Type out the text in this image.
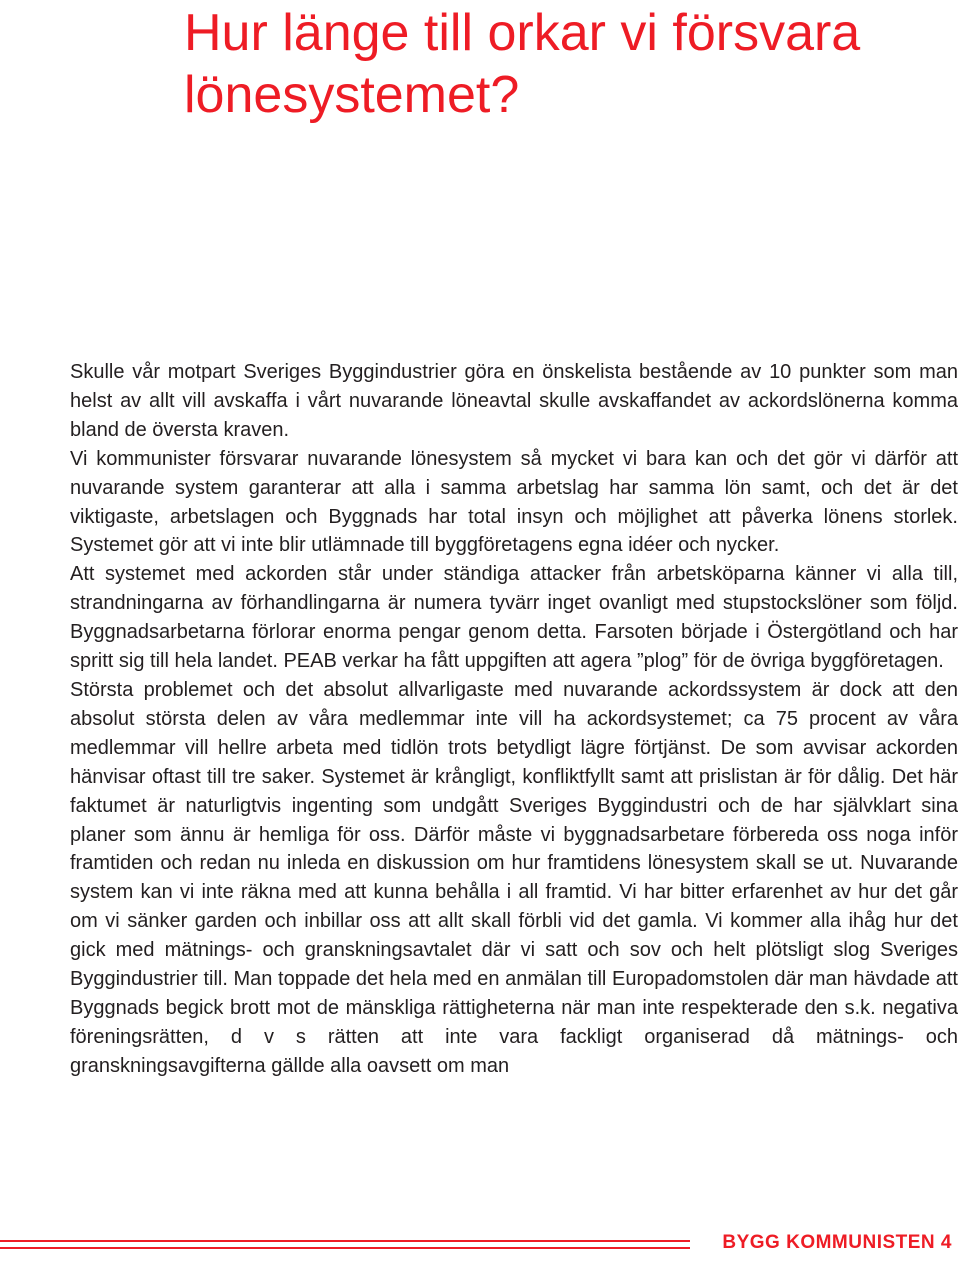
Hur länge till orkar vi försvara lönesystemet?

Skulle vår motpart Sveriges Byggindustrier göra en önskelista bestående av 10 punkter som man helst av allt vill avskaffa i vårt nuvarande löneavtal skulle avskaffandet av ackordslönerna komma bland de översta kraven.

Vi kommunister försvarar nuvarande lönesystem så mycket vi bara kan och det gör vi därför att nuvarande system garanterar att alla i samma arbetslag har samma lön samt, och det är det viktigaste, arbetslagen och Byggnads har total insyn och möjlighet att påverka lönens storlek. Systemet gör att vi inte blir utlämnade till byggföretagens egna idéer och nycker.

Att systemet med ackorden står under ständiga attacker från arbetsköparna känner vi alla till, strandningarna av förhandlingarna är numera tyvärr inget ovanligt med stupstockslöner som följd. Byggnadsarbetarna förlorar enorma pengar genom detta. Farsoten började i Östergötland och har spritt sig till hela landet. PEAB verkar ha fått uppgiften att agera ”plog” för de övriga byggföretagen.

Största problemet och det absolut allvarligaste med nuvarande ackordssystem är dock att den absolut största delen av våra medlemmar inte vill ha ackordsystemet; ca 75 procent av våra medlemmar vill hellre arbeta med tidlön trots betydligt lägre förtjänst. De som avvisar ackorden hänvisar oftast till tre saker. Systemet är krångligt, konfliktfyllt samt att prislistan är för dålig. Det här faktumet är naturligtvis ingenting som undgått Sveriges Byggindustri och de har självklart sina planer som ännu är hemliga för oss. Därför måste vi byggnadsarbetare förbereda oss noga inför framtiden och redan nu inleda en diskussion om hur framtidens lönesystem skall se ut. Nuvarande system kan vi inte räkna med att kunna behålla i all framtid. Vi har bitter erfarenhet av hur det går om vi sänker garden och inbillar oss att allt skall förbli vid det gamla. Vi kommer alla ihåg hur det gick med mätnings- och granskningsavtalet där vi satt och sov och helt plötsligt slog Sveriges Byggindustrier till. Man toppade det hela med en anmälan till Europadomstolen där man hävdade att Byggnads begick brott mot de mänskliga rättigheterna när man inte respekterade den s.k. negativa föreningsrätten, d v s rätten att inte vara fackligt organiserad då mätnings- och granskningsavgifterna gällde alla oavsett om man

BYGG KOMMUNISTEN 4
